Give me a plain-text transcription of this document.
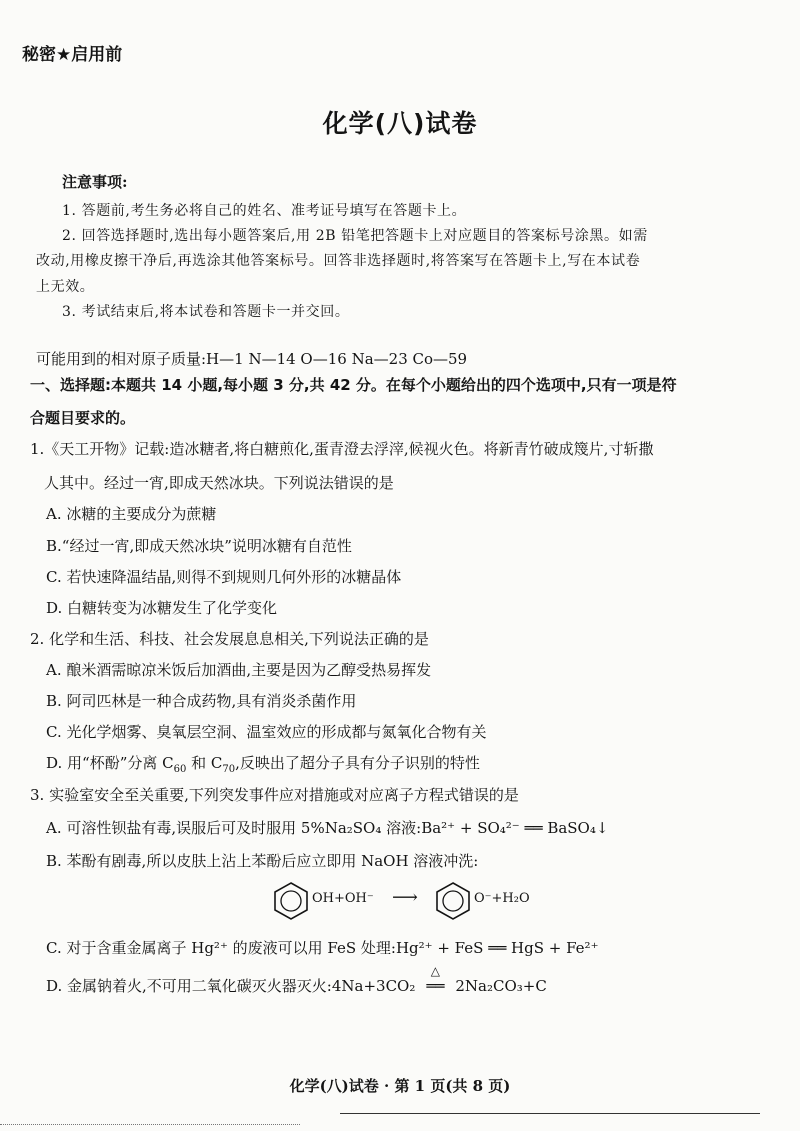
秘密★启用前
化学(八)试卷
注意事项:
1. 答题前,考生务必将自己的姓名、准考证号填写在答题卡上。
2. 回答选择题时,选出每小题答案后,用 2B 铅笔把答题卡上对应题目的答案标号涂黑。如需
改动,用橡皮擦干净后,再选涂其他答案标号。回答非选择题时,将答案写在答题卡上,写在本试卷
上无效。
3. 考试结束后,将本试卷和答题卡一并交回。
可能用到的相对原子质量:H—1 N—14 O—16 Na—23 Co—59
一、选择题:本题共 14 小题,每小题 3 分,共 42 分。在每个小题给出的四个选项中,只有一项是符
合题目要求的。
1.《天工开物》记载:造冰糖者,将白糖煎化,蛋青澄去浮滓,候视火色。将新青竹破成篾片,寸斩撒
人其中。经过一宵,即成天然冰块。下列说法错误的是
A. 冰糖的主要成分为蔗糖
B.“经过一宵,即成天然冰块”说明冰糖有自范性
C. 若快速降温结晶,则得不到规则几何外形的冰糖晶体
D. 白糖转变为冰糖发生了化学变化
2. 化学和生活、科技、社会发展息息相关,下列说法正确的是
A. 酿米酒需晾凉米饭后加酒曲,主要是因为乙醇受热易挥发
B. 阿司匹林是一种合成药物,具有消炎杀菌作用
C. 光化学烟雾、臭氧层空洞、温室效应的形成都与氮氧化合物有关
D. 用“杯酚”分离 $C_{60}$ 和 $C_{70}$,反映出了超分子具有分子识别的特性
3. 实验室安全至关重要,下列突发事件应对措施或对应离子方程式错误的是
A. 可溶性钡盐有毒,误服后可及时服用 5%Na₂SO₄ 溶液:Ba²⁺ + SO₄²⁻ ══ BaSO₄↓
B. 苯酚有剧毒,所以皮肤上沾上苯酚后应立即用 NaOH 溶液冲洗:
OH+OH⁻ ⟶	O⁻+H₂O
C. 对于含重金属离子 Hg²⁺ 的废液可以用 FeS 处理:Hg²⁺ + FeS ══ HgS + Fe²⁺
D. 金属钠着火,不可用二氧化碳灭火器灭火:4Na+3CO₂
△
══ 2Na₂CO₃+C
化学(八)试卷 · 第 1 页(共 8 页)
